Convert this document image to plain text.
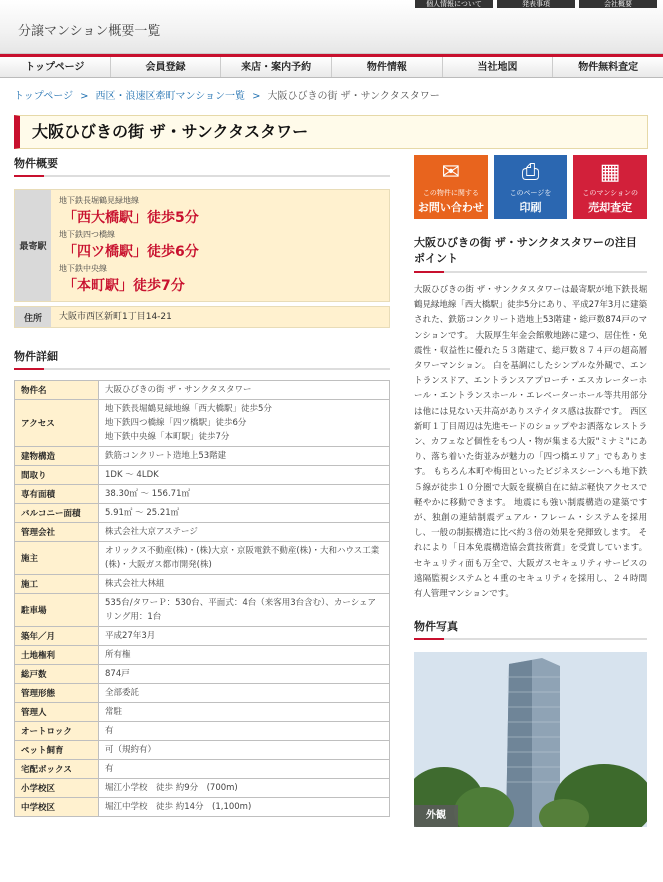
分譲マンション概要一覧
個人情報について	発表事項	会社概要
トップページ	会員登録	来店・案内予約	物件情報	当社地図	物件無料査定
トップページ > 西区・浪速区牽町マンション一覧 > 大阪ひびきの街 ザ・サンクタスタワー
大阪ひびきの街 ザ・サンクタスタワー
物件概要
最寄駅
地下鉄長堀鶴見緑地線
「西大橋駅」徒歩5分
地下鉄四つ橋線
「四ツ橋駅」徒歩6分
地下鉄中央線
「本町駅」徒歩7分
住所	大阪市西区新町1丁目14-21
物件詳細
物件名	大阪ひびきの街 ザ・サンクタスタワー
アクセス	地下鉄長堀鶴見緑地線「西大橋駅」徒歩5分
地下鉄四つ橋線「四ツ橋駅」徒歩6分
地下鉄中央線「本町駅」徒歩7分
建物構造	鉄筋コンクリート造地上53階建
間取り	1DK ～ 4LDK
専有面積	38.30㎡ ～ 156.71㎡
バルコニー面積	5.91㎡ ～ 25.21㎡
管理会社	株式会社大京アステージ
施主	オリックス不動産(株)・(株)大京・京阪電鉄不動産(株)・大和ハウス工業(株)・大阪ガス都市開発(株)
施工	株式会社大林組
駐車場	535台/タワーＰ：530台、平面式：4台（来客用3台含む）、カーシェアリング用：1台
築年／月	平成27年3月
土地権利	所有権
総戸数	874戸
管理形態	全部委託
管理人	常駐
オートロック	有
ペット飼育	可（規約有）
宅配ボックス	有
小学校区	堀江小学校　徒歩 約9分　(700m)
中学校区	堀江中学校　徒歩 約14分　(1,100m)
✉
この物件に関する
お問い合わせ
⎙
このページを
印刷
▦
このマンションの
売却査定
大阪ひびきの街 ザ・サンクタスタワーの注目ポイント
大阪ひびきの街 ザ・サンクタスタワーは最寄駅が地下鉄長堀鶴見緑地線「西大橋駅」徒歩5分にあり、平成27年3月に建築された、鉄筋コンクリート造地上53階建・総戸数874戸のマンションです。 大阪厚生年金会館敷地跡に建つ、居住性・免震性・収益性に優れた５３階建て、総戸数８７４戸の超高層タワーマンション。 白を基調にしたシンプルな外観で、エントランスドア、エントランスアプローチ・エスカレーターホール・エントランスホール・エレベーターホール等共用部分は他には見ない天井高がありステイタス感は抜群です。 西区新町１丁目周辺は先進モードのショップやお洒落なレストラン、カフェなど個性をもつ人・物が集まる大阪"ミナミ"にあり、落ち着いた街並みが魅力の「四つ橋エリア」でもあります。 もちろん本町や梅田といったビジネスシーンへも地下鉄５線が徒歩１０分圏で大阪を縦横自在に結ぶ軽快アクセスで軽やかに移動できます。 地震にも強い制震構造の建築ですが、独創の連結制震デュアル・フレーム・システムを採用し、一般の制振構造に比べ約３倍の効果を発揮致します。 それにより「日本免震構造協会賞技術賞」を受賞しています。 セキュリティ面も万全で、大阪ガスセキュリティサービスの遠隔監視システムと４重のセキュリティを採用し、２４時間有人管理マンションです。
物件写真
外観
